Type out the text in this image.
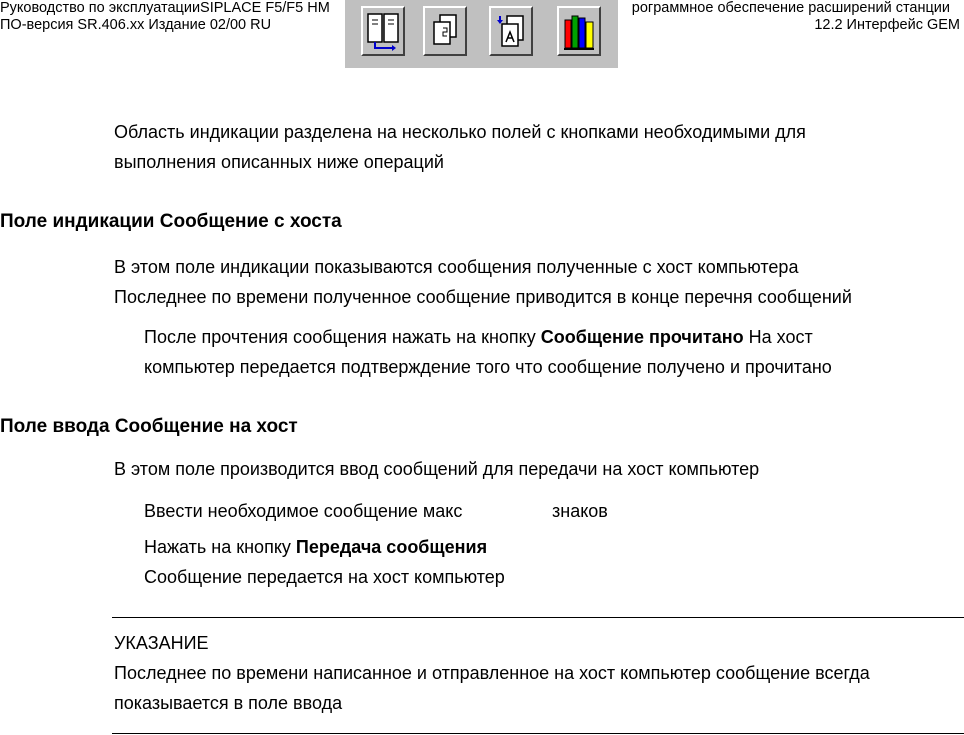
Руководство по эксплуатацииSIPLACE F5/F5 HM
ПО-версия SR.406.xx Издание 02/00 RU
рограммное обеспечение расширений станции
12.2 Интерфейс GEM
Область индикации разделена на несколько полей с кнопками необходимыми для
выполнения описанных ниже операций
Поле индикации Сообщение с хоста
В этом поле индикации показываются сообщения полученные с хост компьютера
Последнее по времени полученное сообщение приводится в конце перечня сообщений
После прочтения сообщения нажать на кнопку Сообщение прочитано На хост
компьютер передается подтверждение того что сообщение получено и прочитано
Поле ввода Сообщение на хост
В этом поле производится ввод сообщений для передачи на хост компьютер
Ввести необходимое сообщение макс	знаков
Нажать на кнопку Передача сообщения
Сообщение передается на хост компьютер
УКАЗАНИЕ
Последнее по времени написанное и отправленное на хост компьютер сообщение всегда
показывается в поле ввода
